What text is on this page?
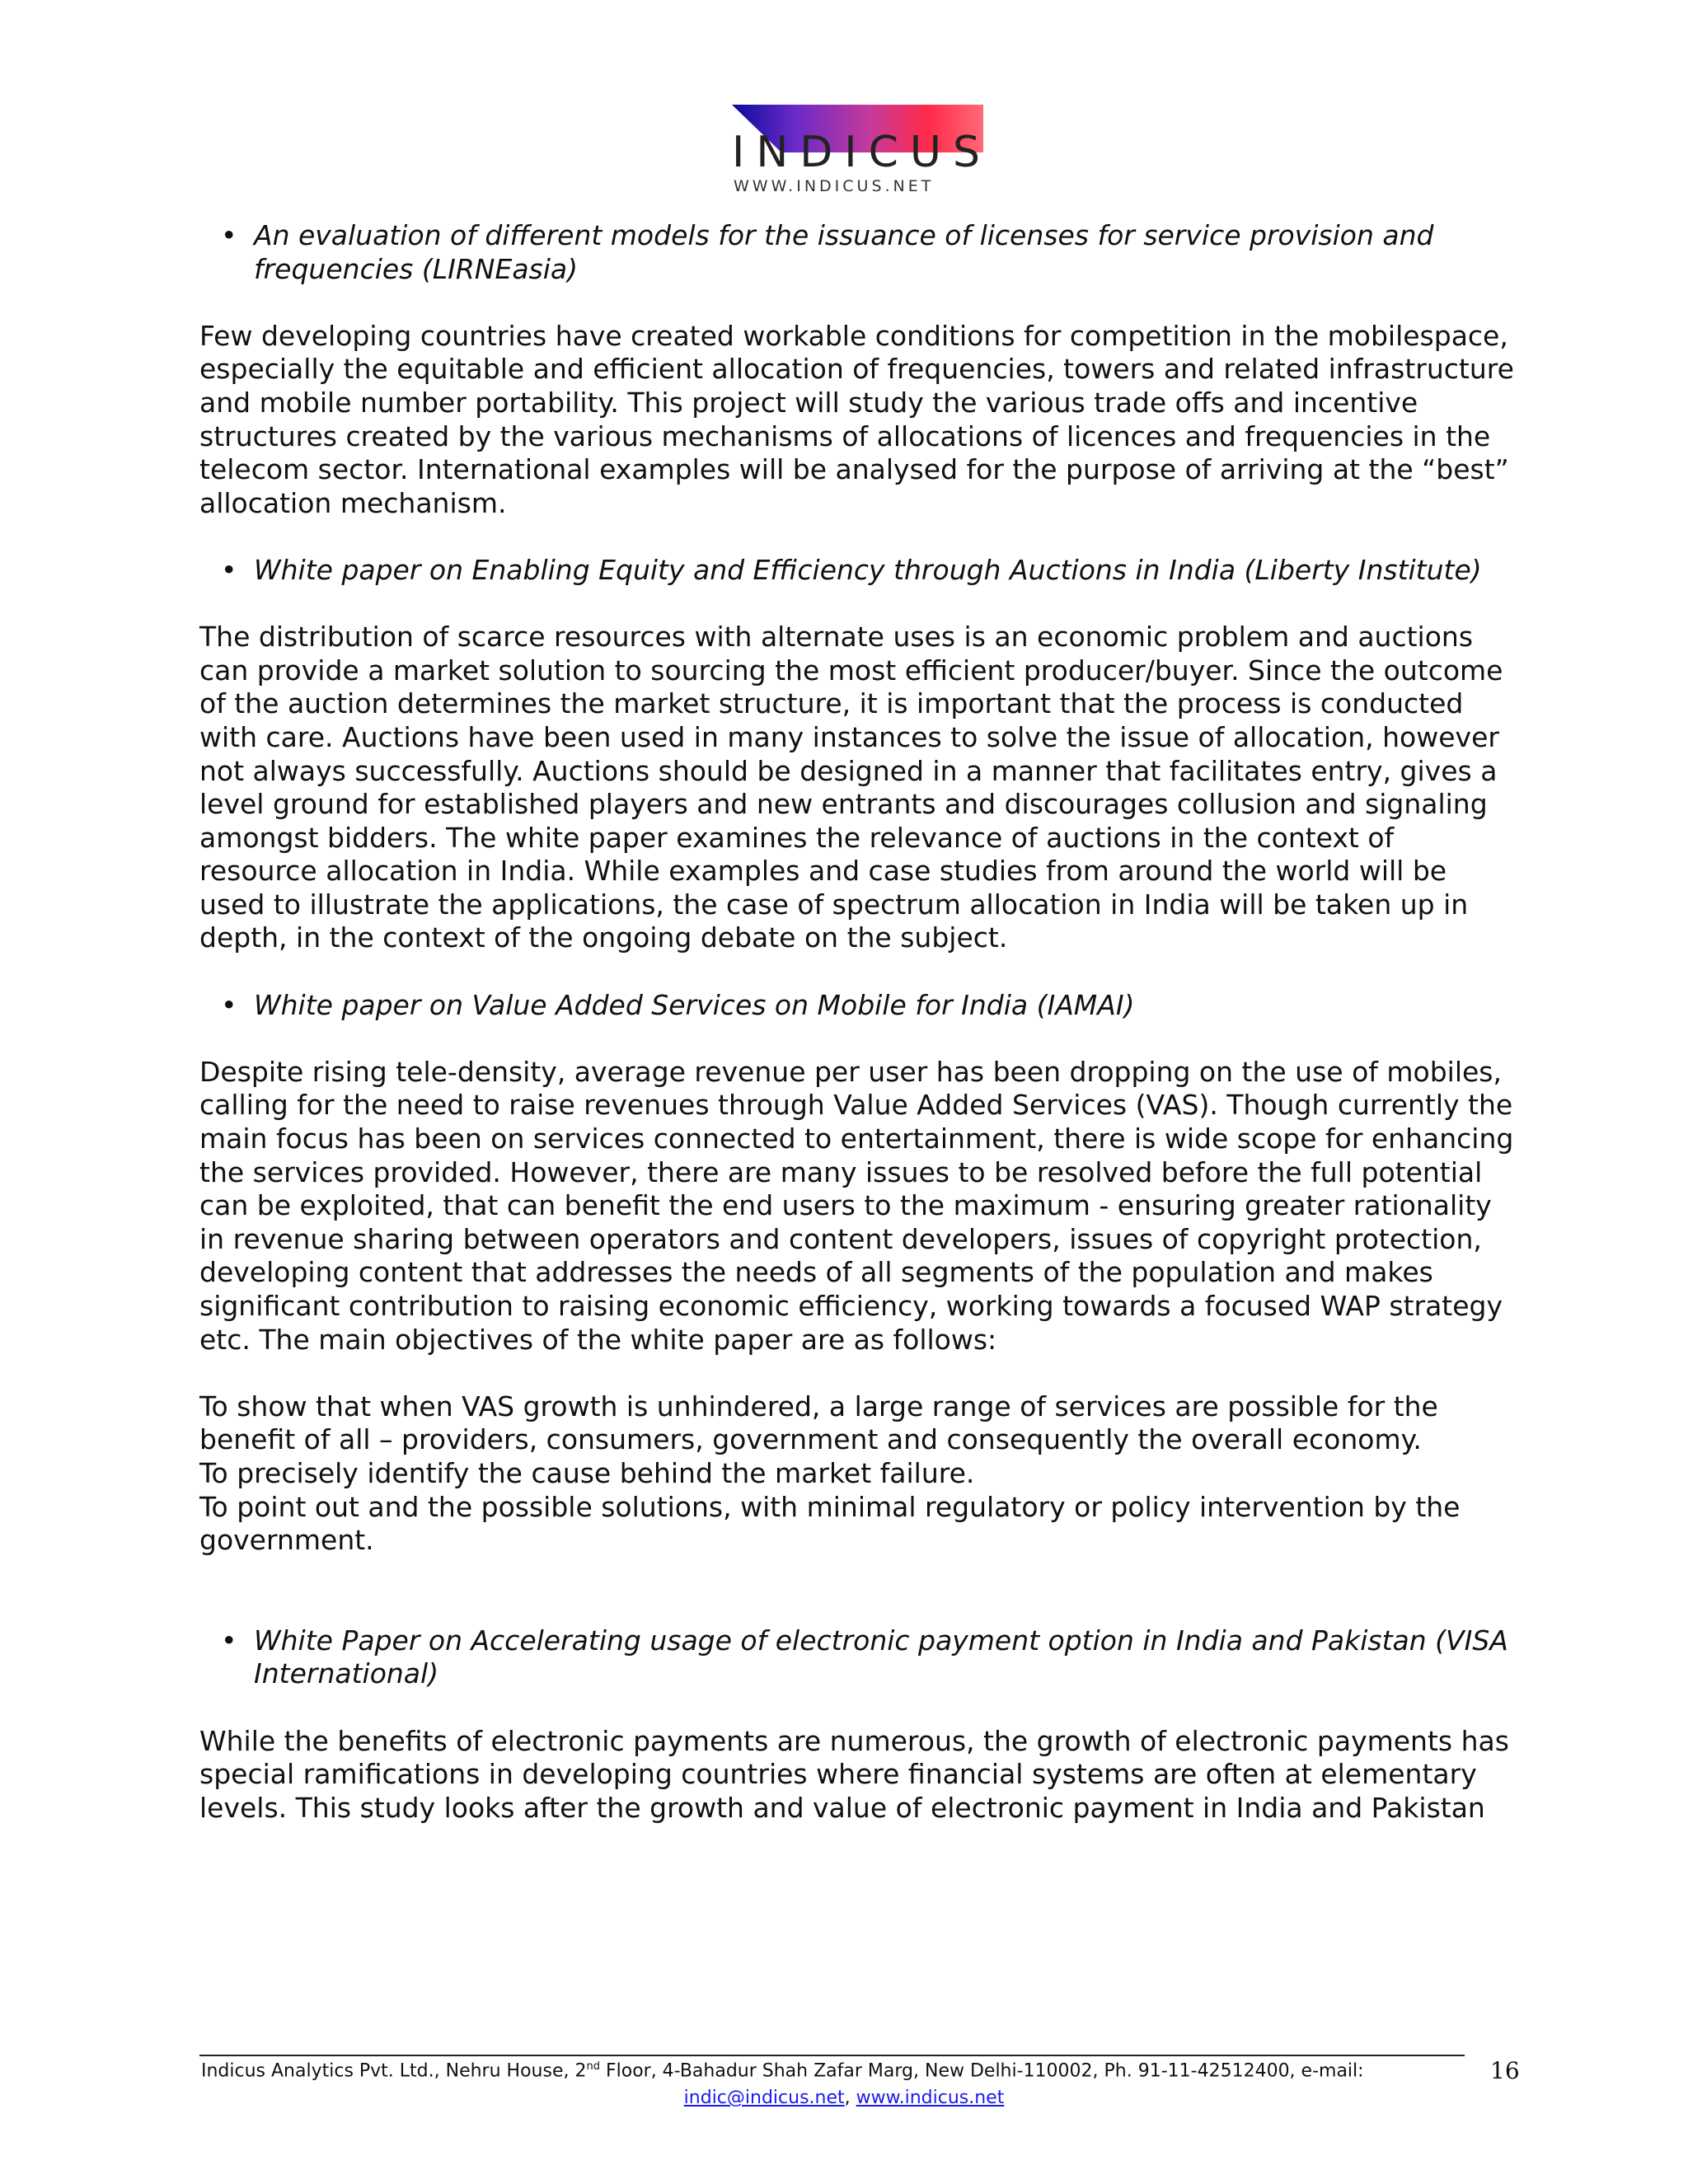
INDICUS
WWW.INDICUS.NET
• An evaluation of different models for the issuance of licenses for service provision and frequencies (LIRNEasia)

Few developing countries have created workable conditions for competition in the mobilespace, especially the equitable and efficient allocation of frequencies, towers and related infrastructure and mobile number portability. This project will study the various trade offs and incentive structures created by the various mechanisms of allocations of licences and frequencies in the telecom sector. International examples will be analysed for the purpose of arriving at the “best” allocation mechanism.

• White paper on Enabling Equity and Efficiency through Auctions in India (Liberty Institute)

The distribution of scarce resources with alternate uses is an economic problem and auctions can provide a market solution to sourcing the most efficient producer/buyer. Since the outcome of the auction determines the market structure, it is important that the process is conducted with care. Auctions have been used in many instances to solve the issue of allocation, however not always successfully. Auctions should be designed in a manner that facilitates entry, gives a level ground for established players and new entrants and discourages collusion and signaling amongst bidders. The white paper examines the relevance of auctions in the context of resource allocation in India. While examples and case studies from around the world will be used to illustrate the applications, the case of spectrum allocation in India will be taken up in depth, in the context of the ongoing debate on the subject.

• White paper on Value Added Services on Mobile for India (IAMAI)

Despite rising tele-density, average revenue per user has been dropping on the use of mobiles, calling for the need to raise revenues through Value Added Services (VAS). Though currently the main focus has been on services connected to entertainment, there is wide scope for enhancing the services provided. However, there are many issues to be resolved before the full potential can be exploited, that can benefit the end users to the maximum - ensuring greater rationality in revenue sharing between operators and content developers, issues of copyright protection, developing content that addresses the needs of all segments of the population and makes significant contribution to raising economic efficiency, working towards a focused WAP strategy etc. The main objectives of the white paper are as follows:

To show that when VAS growth is unhindered, a large range of services are possible for the benefit of all – providers, consumers, government and consequently the overall economy.

To precisely identify the cause behind the market failure.

To point out and the possible solutions, with minimal regulatory or policy intervention by the government.

• White Paper on Accelerating usage of electronic payment option in India and Pakistan (VISA International)

While the benefits of electronic payments are numerous, the growth of electronic payments has special ramifications in developing countries where financial systems are often at elementary levels. This study looks after the growth and value of electronic payment in India and Pakistan

Indicus Analytics Pvt. Ltd., Nehru House, 2nd Floor, 4-Bahadur Shah Zafar Marg, New Delhi-110002, Ph. 91-11-42512400, e-mail:	16
indic@indicus.net, www.indicus.net
